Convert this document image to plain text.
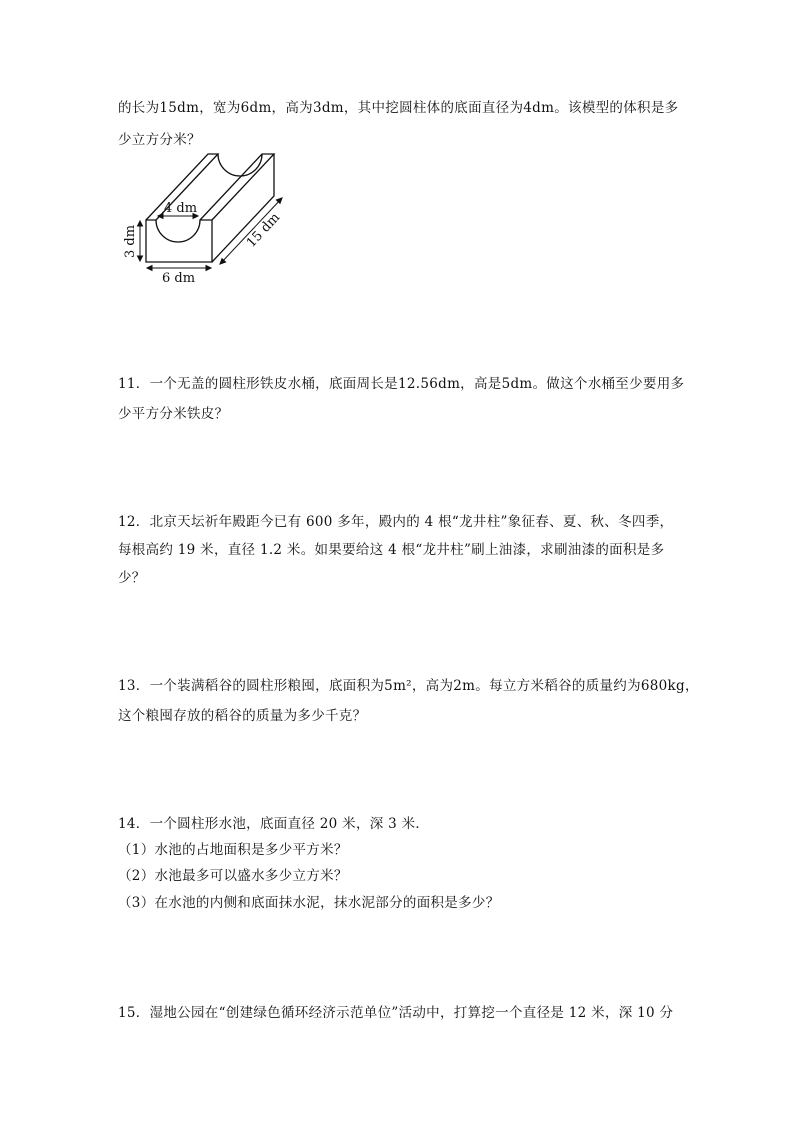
的长为15dm，宽为6dm，高为3dm，其中挖圆柱体的底面直径为4dm。该模型的体积是多
少立方分米？
4 dm
3 dm
6 dm
15 dm
11．一个无盖的圆柱形铁皮水桶，底面周长是12.56dm，高是5dm。做这个水桶至少要用多
少平方分米铁皮？
12．北京天坛祈年殿距今已有 600 多年，殿内的 4 根“龙井柱”象征春、夏、秋、冬四季，
每根高约 19 米，直径 1.2 米。如果要给这 4 根“龙井柱”刷上油漆，求刷油漆的面积是多
少？
13．一个装满稻谷的圆柱形粮囤，底面积为5m²，高为2m。每立方米稻谷的质量约为680kg，
这个粮囤存放的稻谷的质量为多少千克？
14．一个圆柱形水池，底面直径 20 米，深 3 米．
（1）水池的占地面积是多少平方米？
（2）水池最多可以盛水多少立方米？
（3）在水池的内侧和底面抹水泥，抹水泥部分的面积是多少？
15．湿地公园在“创建绿色循环经济示范单位”活动中，打算挖一个直径是 12 米，深 10 分
